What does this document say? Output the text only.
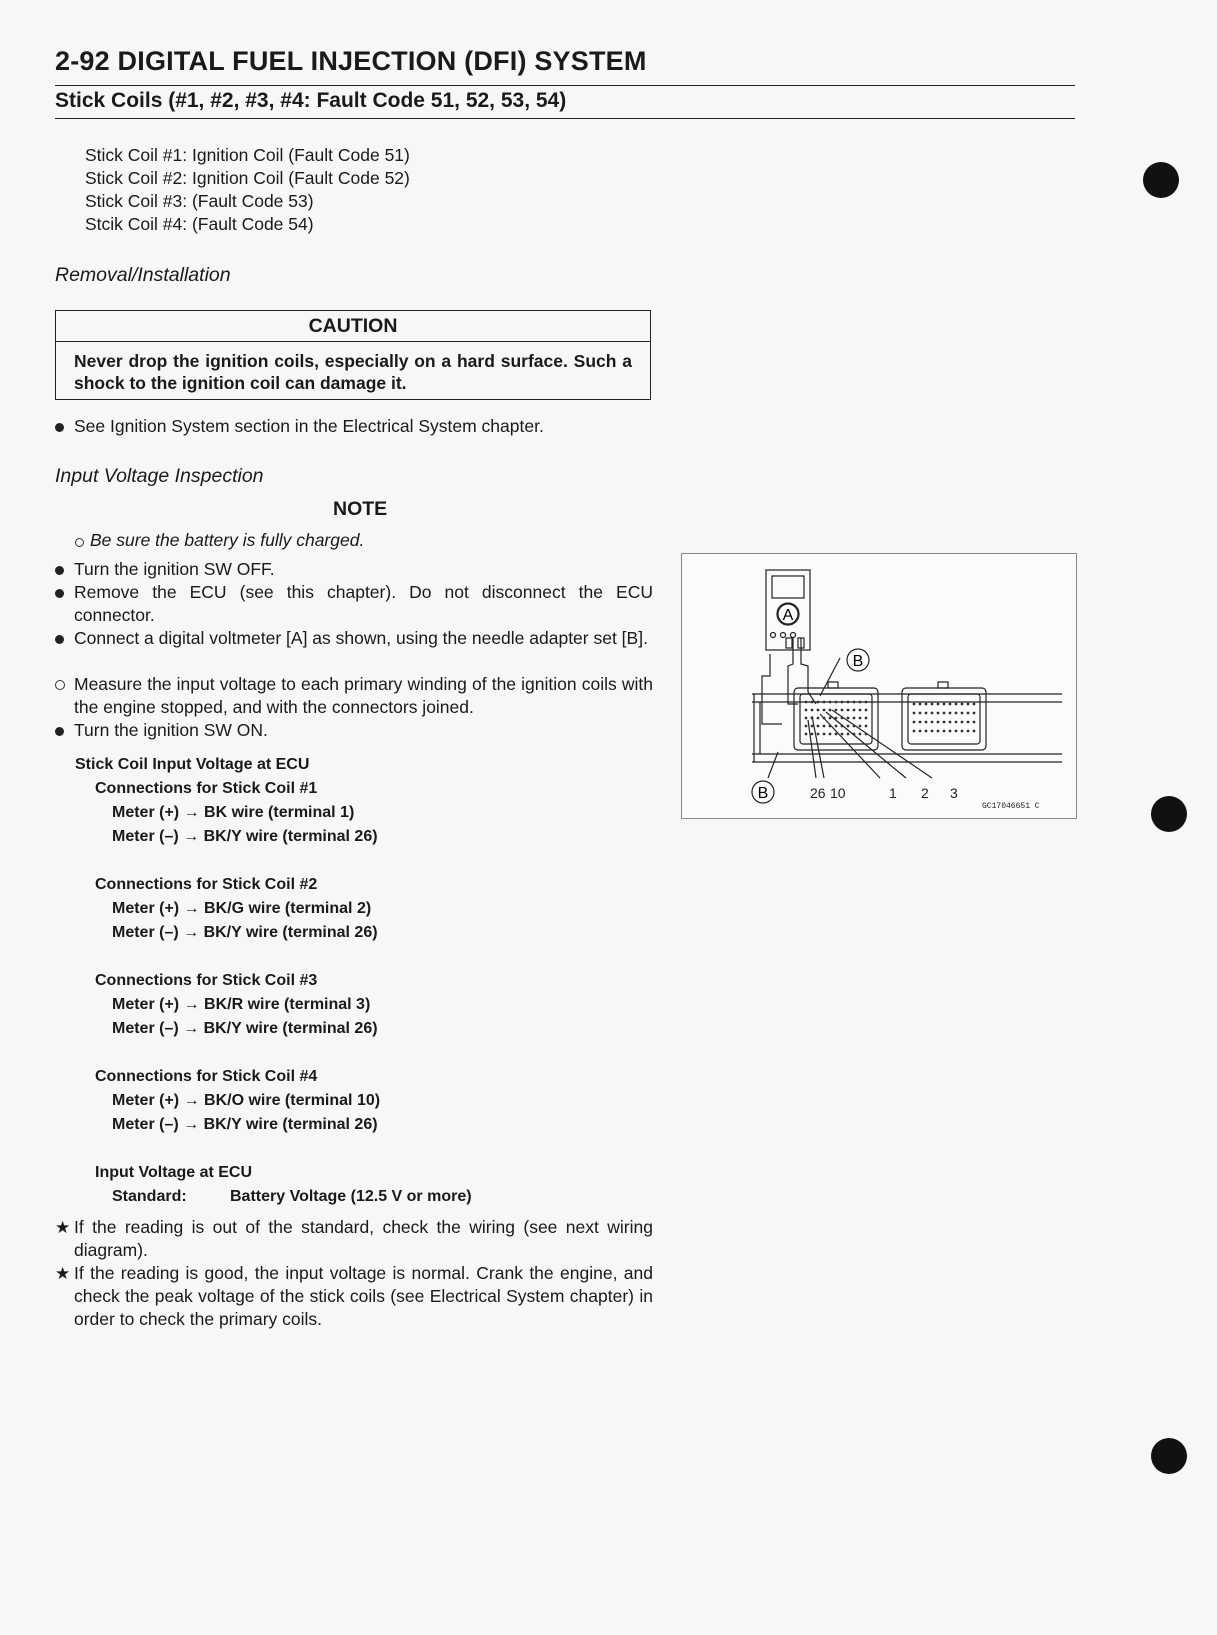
2-92 DIGITAL FUEL INJECTION (DFI) SYSTEM
Stick Coils (#1, #2, #3, #4: Fault Code 51, 52, 53, 54)
Stick Coil #1: Ignition Coil (Fault Code 51)
Stick Coil #2: Ignition Coil (Fault Code 52)
Stick Coil #3: (Fault Code 53)
Stcik Coil #4: (Fault Code 54)
Removal/Installation
CAUTION
Never drop the ignition coils, especially on a hard surface. Such a shock to the ignition coil can damage it.
See Ignition System section in the Electrical System chapter.
Input Voltage Inspection
NOTE
Be sure the battery is fully charged.
Turn the ignition SW OFF.
Remove the ECU (see this chapter). Do not disconnect the ECU connector.
Connect a digital voltmeter [A] as shown, using the needle adapter set [B].
Measure the input voltage to each primary winding of the ignition coils with the engine stopped, and with the connectors joined.
Turn the ignition SW ON.
Stick Coil Input Voltage at ECU
Connections for Stick Coil #1
Meter (+) → BK wire (terminal 1)
Meter (–) → BK/Y wire (terminal 26)
Connections for Stick Coil #2
Meter (+) → BK/G wire (terminal 2)
Meter (–) → BK/Y wire (terminal 26)
Connections for Stick Coil #3
Meter (+) → BK/R wire (terminal 3)
Meter (–) → BK/Y wire (terminal 26)
Connections for Stick Coil #4
Meter (+) → BK/O wire (terminal 10)
Meter (–) → BK/Y wire (terminal 26)
Input Voltage at ECU
Standard:	Battery Voltage (12.5 V or more)
★ If the reading is out of the standard, check the wiring (see next wiring diagram).
★ If the reading is good, the input voltage is normal. Crank the engine, and check the peak voltage of the stick coils (see Electrical System chapter) in order to check the primary coils.
A
B
B	26 10	1 2 3
GC17046651 C
